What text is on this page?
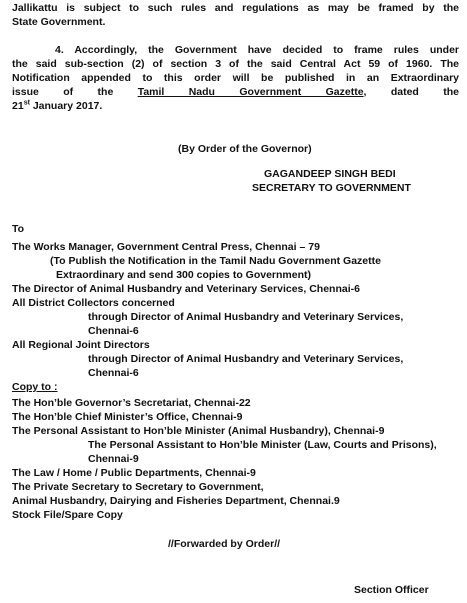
Jallikattu is subject to such rules and regulations as may be framed by the
State Government.
4. Accordingly, the Government have decided to frame rules under
the said sub-section (2) of section 3 of the said Central Act 59 of 1960. The
Notification appended to this order will be published in an Extraordinary
issue of the Tamil Nadu Government Gazette, dated the
21st January 2017.
(By Order of the Governor)
GAGANDEEP SINGH BEDI
SECRETARY TO GOVERNMENT
To
The Works Manager, Government Central Press, Chennai – 79
(To Publish the Notification in the Tamil Nadu Government Gazette
Extraordinary and send 300 copies to Government)
The Director of Animal Husbandry and Veterinary Services, Chennai-6
All District Collectors concerned
through Director of Animal Husbandry and Veterinary Services,
Chennai-6
All Regional Joint Directors
through Director of Animal Husbandry and Veterinary Services,
Chennai-6
Copy to :
The Hon’ble Governor’s Secretariat, Chennai-22
The Hon’ble Chief Minister’s Office, Chennai-9
The Personal Assistant to Hon’ble Minister (Animal Husbandry), Chennai-9
The Personal Assistant to Hon’ble Minister (Law, Courts and Prisons),
Chennai-9
The Law / Home / Public Departments, Chennai-9
The Private Secretary to Secretary to Government,
Animal Husbandry, Dairying and Fisheries Department, Chennai.9
Stock File/Spare Copy
//Forwarded by Order//
Section Officer
